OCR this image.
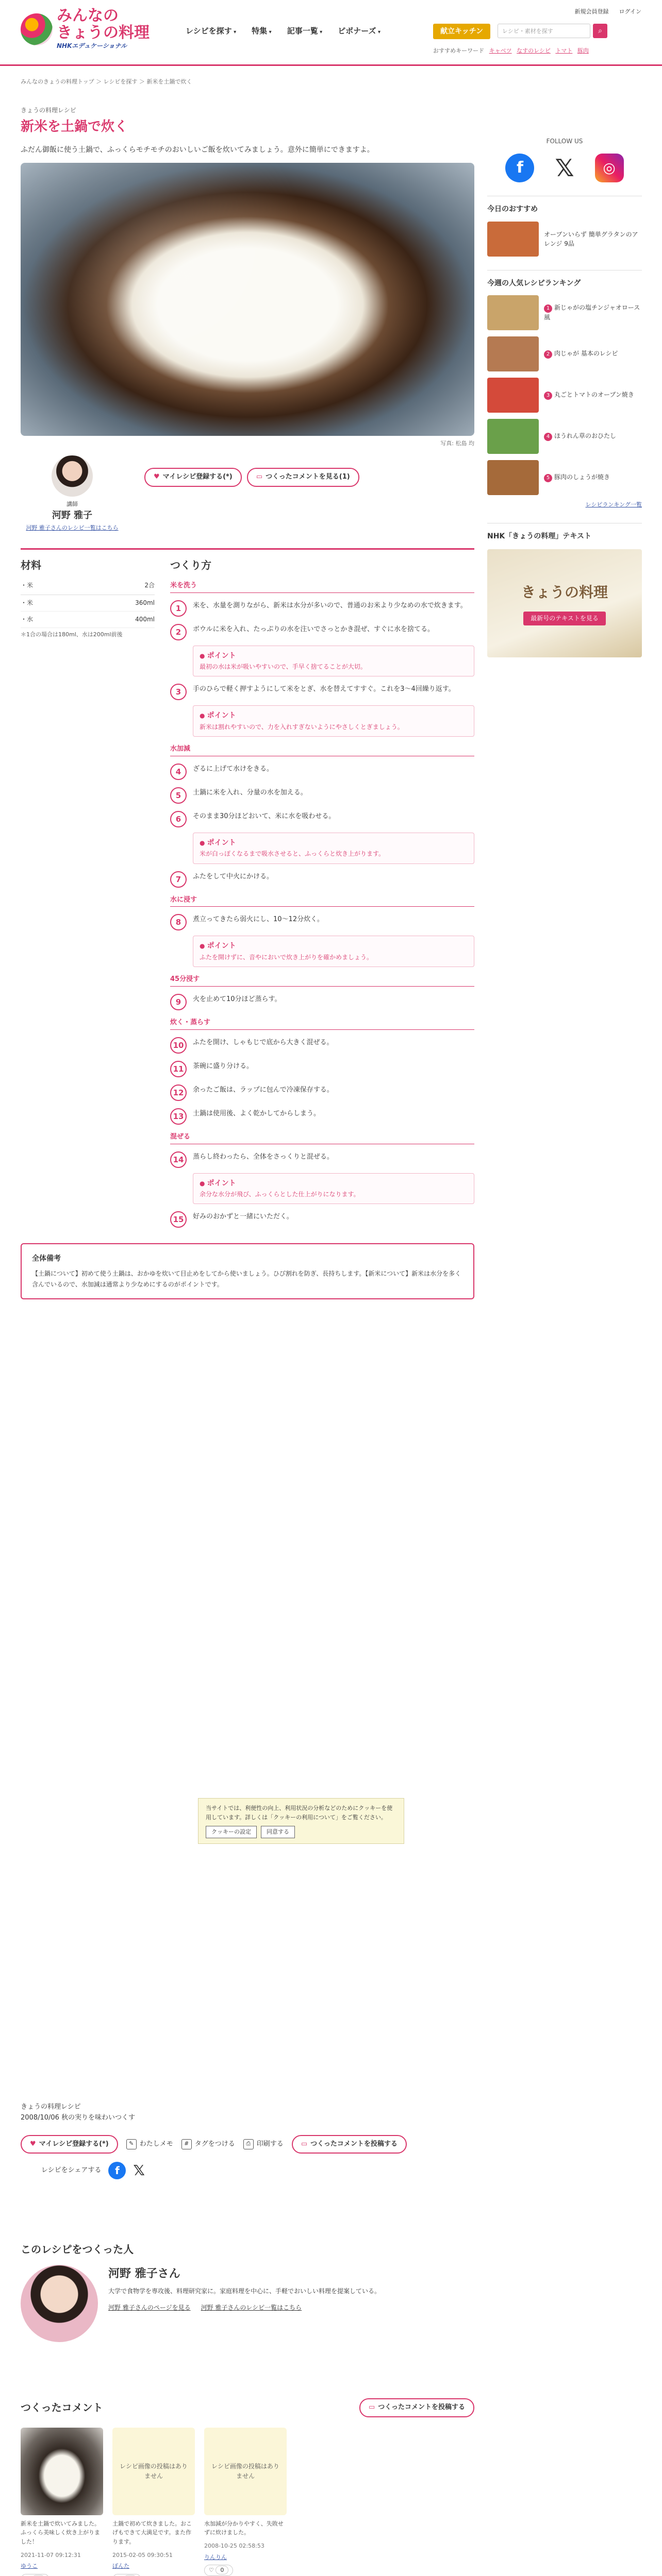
みんなの
きょうの料理
NHKエデュケーショナル
レシピを探す ▾	特集 ▾	記事一覧 ▾	ピポナーズ ▾	献立キッチン	レシピ・素材を探す	⌕
新規会員登録 ログイン
おすすめキーワード キャベツ なすのレシピ トマト 豚肉
みんなのきょうの料理トップ ＞ レシピを探す ＞ 新米を土鍋で炊く
きょうの料理レシピ
新米を土鍋で炊く

ふだん御飯に使う土鍋で、ふっくらモチモチのおいしいご飯を炊いてみましょう。意外に簡単にできますよ。

写真: 松島 均
講師
河野 雅子
河野 雅子さんのレシピ一覧はこちら
♥ マイレシピ登録する(*)	▭ つくったコメントを見る(1)
材料
・米	2合
・米	360ml
・水	400ml
＊1合の場合は180ml、水は200ml前後
つくり方
米を洗う
1	米を、水量を測りながら、新米は水分が多いので、普通のお米より少なめの水で炊きます。
2	ボウルに米を入れ、たっぷりの水を注いでさっとかき混ぜ、すぐに水を捨てる。
● ポイント
最初の水は米が吸いやすいので、手早く捨てることが大切。
3	手のひらで軽く押すようにして米をとぎ、水を替えてすすぐ。これを3〜4回繰り返す。
● ポイント
新米は割れやすいので、力を入れすぎないようにやさしくとぎましょう。
水加減
4	ざるに上げて水けをきる。
5	土鍋に米を入れ、分量の水を加える。
6	そのまま30分ほどおいて、米に水を吸わせる。
● ポイント
米が白っぽくなるまで吸水させると、ふっくらと炊き上がります。
7	ふたをして中火にかける。
水に浸す
8	煮立ってきたら弱火にし、10〜12分炊く。
● ポイント
ふたを開けずに、音やにおいで炊き上がりを確かめましょう。
45分浸す
9	火を止めて10分ほど蒸らす。
炊く・蒸らす
10	ふたを開け、しゃもじで底から大きく混ぜる。
11	茶碗に盛り分ける。
12	余ったご飯は、ラップに包んで冷凍保存する。
13	土鍋は使用後、よく乾かしてからしまう。
混ぜる
14	蒸らし終わったら、全体をさっくりと混ぜる。
● ポイント
余分な水分が飛び、ふっくらとした仕上がりになります。
15	好みのおかずと一緒にいただく。
全体備考

【土鍋について】初めて使う土鍋は、おかゆを炊いて目止めをしてから使いましょう。ひび割れを防ぎ、長持ちします。【新米について】新米は水分を多く含んでいるので、水加減は通常より少なめにするのがポイントです。

当サイトでは、利便性の向上、利用状況の分析などのためにクッキーを使用しています。詳しくは「クッキーの利用について」をご覧ください。
クッキーの設定	同意する
きょうの料理レシピ
2008/10/06 秋の実りを味わいつくす
♥ マイレシピ登録する(*)	✎ わたしメモ	# タグをつける	⎙ 印刷する	▭ つくったコメントを投稿する
レシピをシェアする	f 𝕏
このレシピをつくった人
河野 雅子さん
大学で食物学を専攻後、料理研究家に。家庭料理を中心に、手軽でおいしい料理を提案している。
河野 雅子さんのページを見る 河野 雅子さんのレシピ一覧はこちら
つくったコメント	▭ つくったコメントを投稿する
新米を土鍋で炊いてみました。ふっくら美味しく炊き上がりました！
2021-11-07 09:12:31
ゆうこ
レシピ画像の投稿はありません
土鍋で初めて炊きました。おこげもできて大満足です。また作ります。
2015-02-05 09:30:51
ぽんた
レシピ画像の投稿はありません
水加減が分かりやすく、失敗せずに炊けました。
2008-10-25 02:58:53
りんりん
♡ 0
FOLLOW US
f	𝕏	◎
今日のおすすめ
オーブンいらず 簡単グラタンのアレンジ 9品
今週の人気レシピランキング
1 新じゃがの塩チンジャオロース風
2 肉じゃが 基本のレシピ
3 丸ごとトマトのオーブン焼き
4 ほうれん草のおひたし
5 豚肉のしょうが焼き
レシピランキング一覧
NHK「きょうの料理」テキスト
きょうの料理
最新号のテキストを見る
